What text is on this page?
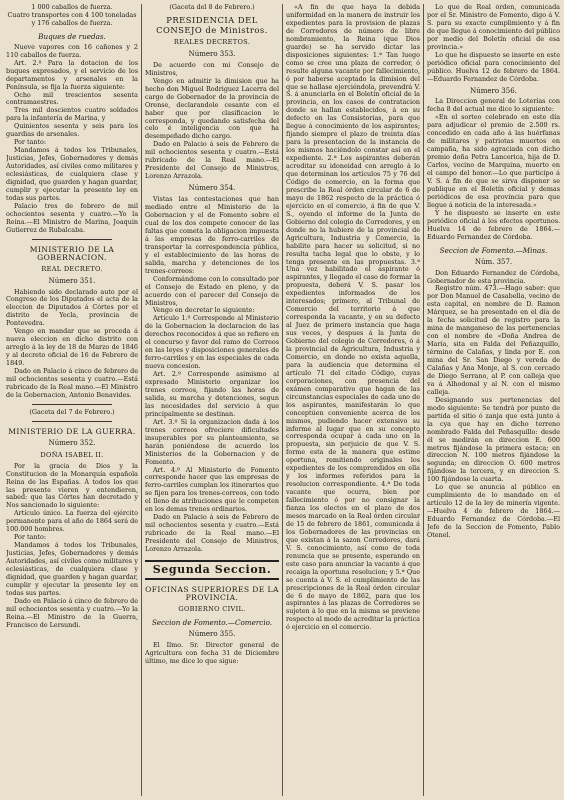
1 000 caballos de fuerza.

Cuatro transportes con 4 100 toneladas y 176 caballos de fuerza.

Buques de ruedas.

Nueve vapores con 16 cañones y 2 110 caballos de fuerza.

Art. 2.º Para la dotacion de los buques expresados, y el servicio de los departamentos y arsenales en la Península, se fija la fuerza siguiente:

Ocho mil trescientos sesenta contramaestres.

Tres mil doscientos cuatro soldados para la infantería de Marina, y

Quinientos sesenta y seis para los guardias de arsenales.

Por tanto:

Mandamos á todos los Tribunales, Justicias, Jefes, Gobernadores y demás Autoridades, así civiles como militares y eclesiásticas, de cualquiera clase y dignidad, que guarden y hagan guardar, cumplir y ejecutar la presente ley en todas sus partes.

Palacio tres de febrero de mil ochocientos sesenta y cuatro.—Yo la Reina.—El Ministro de Marina, Joaquin Gutierrez de Rubalcaba.

MINISTERIO DE LA GOBERNACION.
REAL DECRETO.
Número 351.

Habiendo sido declarado auto por el Congreso de los Diputados el acta de la eleccion de Diputados á Córtes por el distrito de Yecla, provincia de Pontevedra.

Vengo en mandar que se proceda á nueva eleccion en dicho distrito con arreglo á la ley de 18 de Marzo de 1846 y al decreto oficial de 16 de Febrero de 1849.

Dado en Palacio á cinco de febrero de mil ochocientos sesenta y cuatro.—Está rubricado de la Real mano.—El Ministro de la Gobernacion, Antonio Benavides.

(Gaceta del 7 de Febrero.)
MINISTERIO DE LA GUERRA.
Número 352.
DOÑA ISABEL II.

Por la gracia de Dios y la Constitucion de la Monarquía española Reina de las Españas. Á todos los que las presente vieren y entendieren, sabed: que las Córtes han decretado y Nos sancionado lo siguiente:

Artículo único. La fuerza del ejército permanente para el año de 1864 será de 100.000 hombres.

Por tanto:

Mandamos á todos los Tribunales, Justicias, Jefes, Gobernadores y demás Autoridades, así civiles como militares y eclesiásticas, de cualquiera clase y dignidad, que guarden y hagan guardar, cumplir y ejecutar la presente ley en todas sus partes.

Dado en Palacio á cinco de febrero de mil ochocientos sesenta y cuatro.—Yo la Reina.—El Ministro de la Guerra, Francisco de Lersundi.

(Gaceta del 8 de Febrero.)
PRESIDENCIA DEL CONSEJO de Ministros.
REALES DECRETOS.
Número 353.

De acuerdo con mi Consejo de Ministros,

Vengo en admitir la dimision que ha hecho don Miguel Rodriguez Lacerra del cargo de Gobernador de la provincia de Orense, declarandole cesante con el haber que por clasificacion le corresponda, y quedando satisfecha del celo é inteligencia con que ha desempeñado dicho cargo.

Dado en Palacio á seis de Febrero de mil ochocientos sesenta y cuatro.—Está rubricado de la Real mano.—El Presidente del Consejo de Ministros, Lorenzo Arrazola.

Número 354.

Vistas las contestaciones que han mediado entre el Ministerio de la Gobernacion y el de Fomento sobre el cual de los dos compete conocer de las faltas que cometa la obligacion impuesta á las empresas de ferro-carriles de transportar la correspondencia pública, y el establecimiento de las horas de salida, marcha y detenciones de los trenes-correos:

Conformándome con lo consultado por el Consejo de Estado en pleno, y de acuerdo con el parecer del Consejo de Ministros,

Vengo en decretar lo siguiente:

Artículo 1.º Corresponde al Ministerio de la Gobernacion la declaracion de las derechos reconocidos á que se refiere en el concurso y favor del ramo de Correos en las leyes y disposiciones generales de ferro-carriles y en las especiales de cada nueva concesion.

Art. 2.º Corresponde asimismo al expresado Ministerio organizar los trenes correos, fijando las horas de salida, su marcha y detenciones, segun las necesidades del servicio á que principalmente se destinan.

Art. 3.º Si la organizacion dada á los trenes correos ofreciere dificultades insuperables por su planteamiento, se harán poniéndose de acuerdo los Ministerios de la Gobernacion y de Fomento.

Art. 4.º Al Ministerio de Fomento corresponde hacer que las empresas de ferro-carriles cumplan los itinerarios que se fijen para los trenes-correos, con todo el lleno de atribuciones que le competen en los demas trenes ordinarios.

Dado en Palacio á seis de Febrero de mil ochocientos sesenta y cuatro.—Está rubricado de la Real mano.—El Presidente del Consejo de Ministros, Lorenzo Arrazola.

Segunda Seccion.
OFICINAS SUPERIORES DE LA PROVINCIA.
GOBIERNO CIVIL.
Seccion de Fomento.—Comercio.
Número 355.

El Ilmo. Sr. Director general de Agricultura con fecha 31 de Diciembre último, me dice lo que sigue:

«Á fin de que haya la debida uniformidad en la manera de instruir los expedientes para la provision de plazas de Corredores de número de libre nombramiento, la Reina (que Dios guarde) se ha servido dictar las disposiciones siguientes: 1.ª Tan luego como se cree una plaza de corredor, ó resulte alguna vacante por fallecimiento, ó por haberse aceptado la dimision del que se hallase ejerciéndola, prevendrá V. S. á anunciarla en el Boletín oficial de la provincia, en los casos de contratacion donde se hallan establecidos, á en su defecto en las Consistorias, para que llegue á conocimiento de los aspirantes; fijando siempre el plazo de treinta días para la presentacion de la instancia de los mismos haciéndolo constar así en el expediente. 2.ª Los aspirantes deberán acreditar su idoneidad con arreglo á lo que determinan los artículos 75 y 76 del Código de comercio, en la forma que prescribe la Real órden circular de 6 de mayo de 1862 respecto de la práctica ó ejercicio en el comercio, á fin de que V. S., oyendo el informe de la Junta de Gobierno del colegio de Corredores, y en donde no la hubiere de la provincial de Agricultura, Industria y Comercio, la habilite para hacer su solicitud, si no resulta tacha legal que lo obste, y lo tenga presente en las propuestas. 3.ª Una vez habilitado el aspirante ó aspirantes, y llegado el caso de formar la propuesta, deberá V. S. pasar los expedientes informados de los interesados; primero, al Tribunal de Comercio del territorio á que corresponda la vacante, y en su defecto al Juez de primera instancia que haga sus veces, y despues á la Junta de Gobierno del colegio de Corredores, ó á la provincial de Agricultura, Industria y Comercio, en donde no exista aquella, para la audiencia que determina el artículo 71 del citado Código, cuyas corporaciones, con presencia del exámen comparativo que hagan de las circunstancias especiales de cada uno de los aspirantes, manifestarán lo que conceptúen conveniente acerca de los mismos, pudiendo hacer extensivo su informe al lugar que en su concepto corresponda ocupar á cada uno en la propuesta, sin perjuicio de que V. S. forme esta de la manera que estime oportuna, remitiendo originales los expedientes de los comprendidos en ella y los informes referidos para la resolucion correspondiente. 4.ª De toda vacante que ocurra, bien por fallecimiento ó por no consignar la fianza los electos en el plazo de dos meses marcado en la Real órden circular de 15 de febrero de 1861, comunicada á los Gobernadores de las provincias en que existan á la sazon Corredores, dará V. S. conocimiento, así como de toda renuncia que se presente, esperando en este caso para anunciar la vacante á que recaiga la oportuna resolucion; y 5.ª Que se cuenta á V. S. el cumplimiento de las prescripciones de la Real órden circular de 6 de mayo de 1862, para que los aspirantes á las plazas de Corredores se sujeten á lo que en la misma se previene respecto al modo de acreditar la práctica ó ejercicio en el comercio.

Lo que de Real órden, comunicada por el Sr. Ministro de Fomento, digo á V. S. para su exacto cumplimiento y á fin de que llegue á conocimiento del público por medio del Boletín oficial de esa provincia.»

Lo que he dispuesto se inserte en este periódico oficial para conocimiento del público. Huelva 12 de febrero de 1864.—Eduardo Fernandez de Córdoba.

Número 356.

La Direccion general de Loterías con fecha 8 del actual me dice lo siguiente:

«En el sorteo celebrado en este día para adjudicar el premio de 2.500 rs. concedido en cada año á las huérfanas de militares y patriotas muertos en campaña, ha sido agraciada con dicho premio doña Petra Lancerica, hija de D. Carlos, vecino de Marquina, muerto en el campo del honor.—Lo que participo á V. S. á fin de que se sirva disponer se publique en el Boletín oficial y demas periódicos de esa provincia para que llegue á noticia de la interesada.»

Y he dispuesto se inserte en este periódico oficial á los efectos oportunos. Huelva 14 de febrero de 1864.—Eduardo Fernandez de Córdoba.

Seccion de Fomento.—Minas.
Núm. 357.

Don Eduardo Fernandez de Córdoba, Gobernador de esta provincia.

Registro núm. 473.—Hago saber: que por Don Manuel de Casabella, vecino de esta capital, en nombre de D. Ramon Márquez, se ha presentado en el día de la fecha solicitud de registro para la mina de manganeso de las pertenencias con el nombre de «Doña Andrea de María, sita en Falda del Peñazquillo, término de Calañas, y linda por E. con mina del Sr. San Diego y vereda de Calañas y Ana Monje, al S. con cercado de Diego Serrano, al P. con calleja que va á Alhodonal y al N. con el mismo calleja.

Designando sus pertenencias del modo siguiente: Se tendrá por punto de partida el sitio ó zanja que está junto á la cya que hay en dicho terreno nombrado Falda del Peñasquillo: desde él se medirán en direccion E. 600 metros fijándose la primera estaca; en direccion N. 100 metros fijándose la segunda; en direccion O. 600 metros fijándose la tercera, y en direccion S. 100 fijándose la cuarta.

Lo que se anuncia al público en cumplimiento de lo mandado en el artículo 12 de la ley de minería vigente.—Huelva 4 de febrero de 1864.—Eduardo Fernandez de Córdoba.—El Jefe de la Seccion de Fomento, Pablo Otenel.
